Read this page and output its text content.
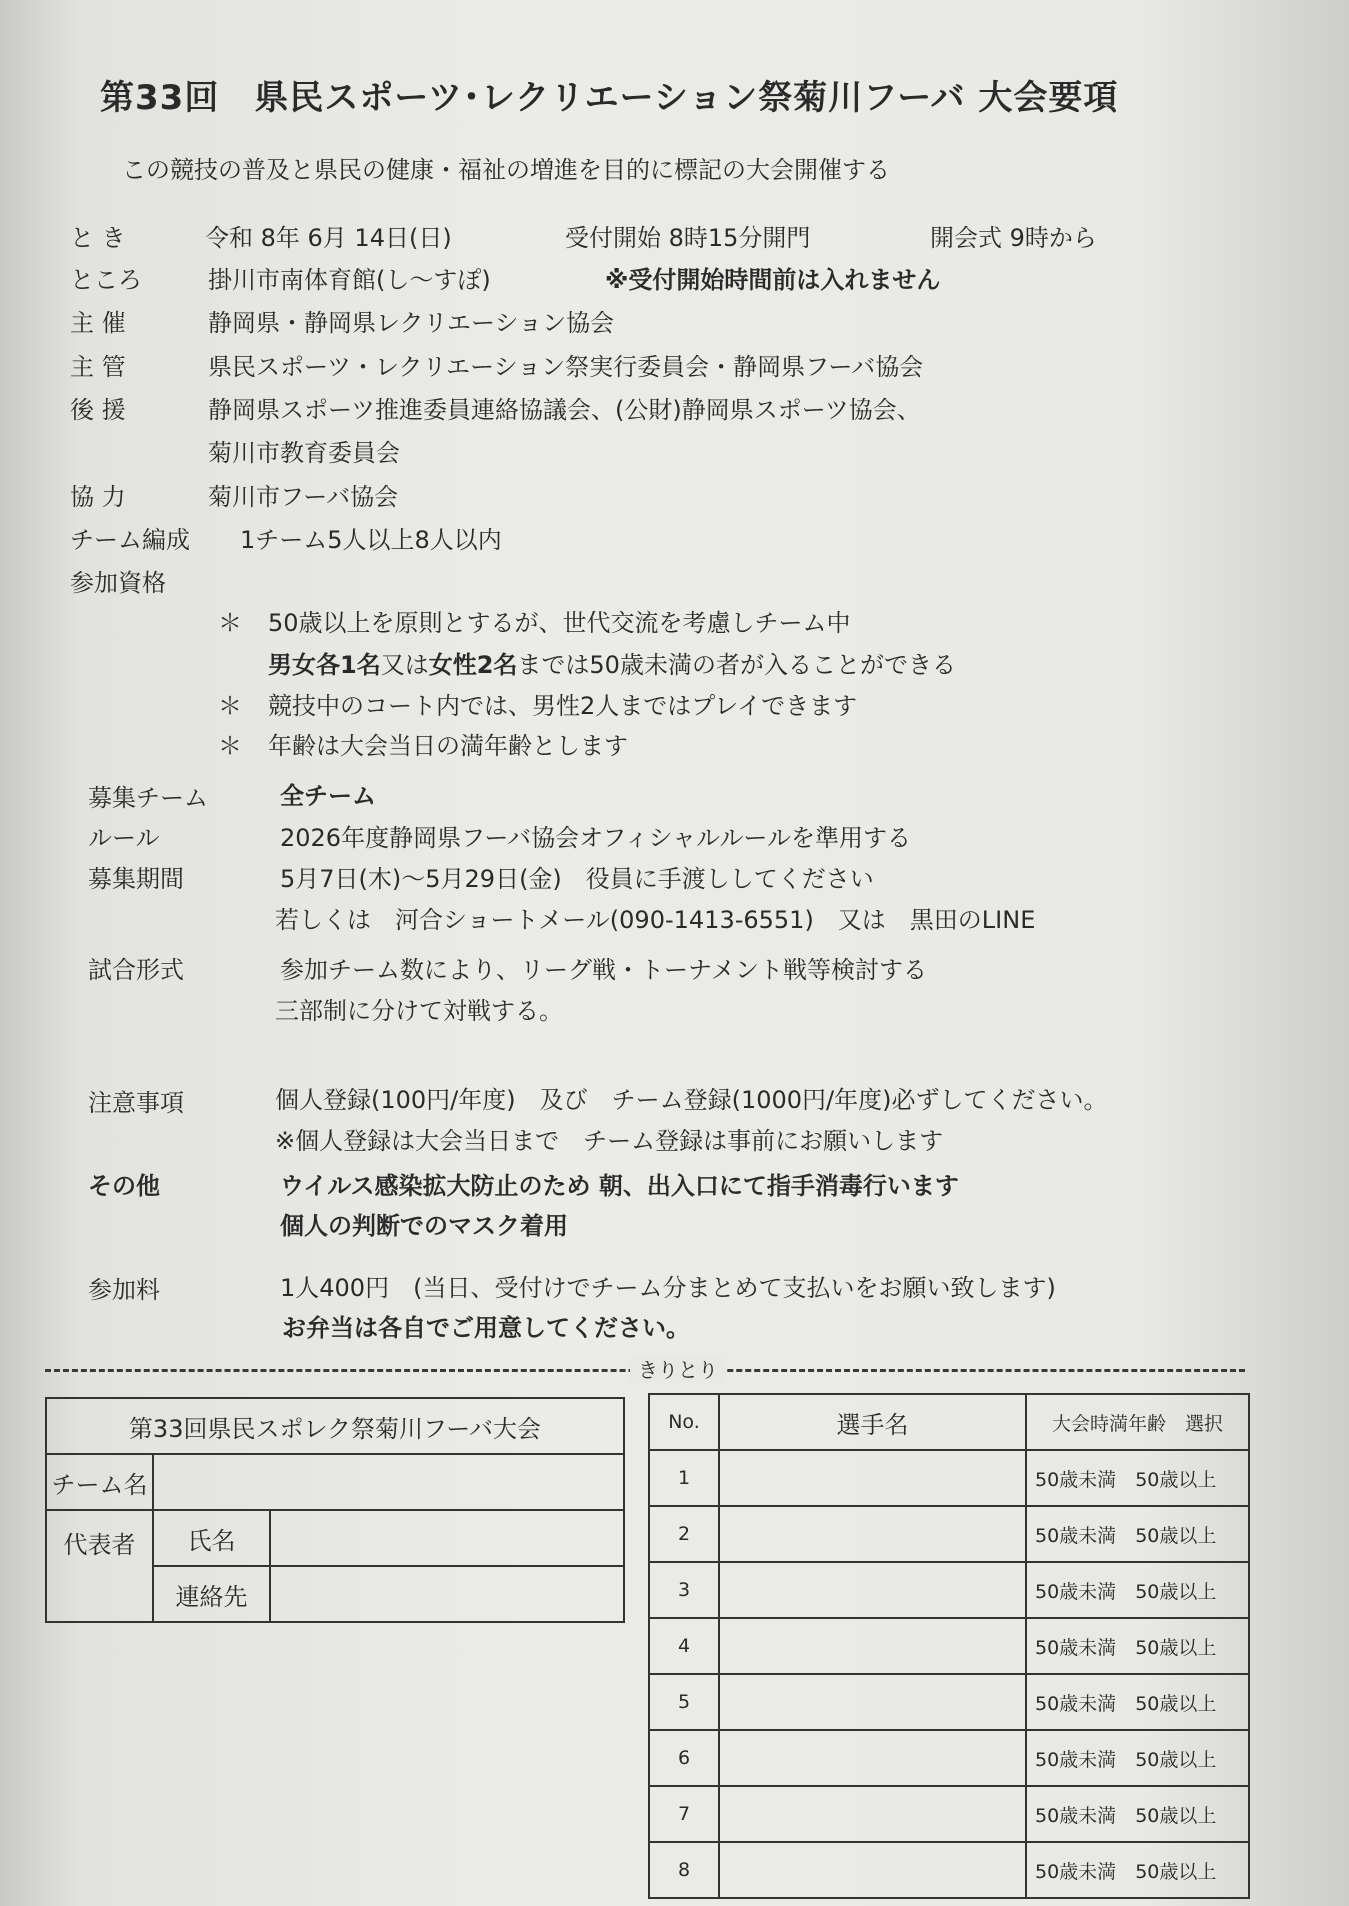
第33回　県民スポーツ･レクリエーション祭菊川フーバ 大会要項
この競技の普及と県民の健康・福祉の増進を目的に標記の大会開催する
と き	令和 8年 6月 14日(日)	受付開始 8時15分開門	開会式 9時から
ところ	掛川市南体育館(し～すぽ)	※受付開始時間前は入れません
主 催	静岡県・静岡県レクリエーション協会
主 管	県民スポーツ・レクリエーション祭実行委員会・静岡県フーバ協会
後 援	静岡県スポーツ推進委員連絡協議会、(公財)静岡県スポーツ協会、
菊川市教育委員会
協 力	菊川市フーバ協会
チーム編成 1チーム5人以上8人以内
参加資格
＊ 50歳以上を原則とするが、世代交流を考慮しチーム中
男女各1名又は女性2名までは50歳未満の者が入ることができる
＊ 競技中のコート内では、男性2人まではプレイできます
＊ 年齢は大会当日の満年齢とします
募集チーム	全チーム
ルール	2026年度静岡県フーバ協会オフィシャルルールを準用する
募集期間	5月7日(木)～5月29日(金)　役員に手渡ししてください
若しくは　河合ショートメール(090-1413-6551)　又は　黒田のLINE
試合形式	参加チーム数により、リーグ戦・トーナメント戦等検討する
三部制に分けて対戦する。
注意事項	個人登録(100円/年度)　及び　チーム登録(1000円/年度)必ずしてください。
※個人登録は大会当日まで　チーム登録は事前にお願いします
その他	ウイルス感染拡大防止のため 朝、出入口にて指手消毒行います
個人の判断でのマスク着用
参加料	1人400円　(当日、受付けでチーム分まとめて支払いをお願い致します)
お弁当は各自でご用意してください。
きりとり
第33回県民スポレク祭菊川フーバ大会		
チーム名		
代表者	氏名	
	連絡先	
No.	選手名	大会時満年齢　選択
1		50歳未満　 50歳以上
2		50歳未満　 50歳以上
3		50歳未満　 50歳以上
4		50歳未満　 50歳以上
5		50歳未満　 50歳以上
6		50歳未満　 50歳以上
7		50歳未満　 50歳以上
8		50歳未満　 50歳以上
